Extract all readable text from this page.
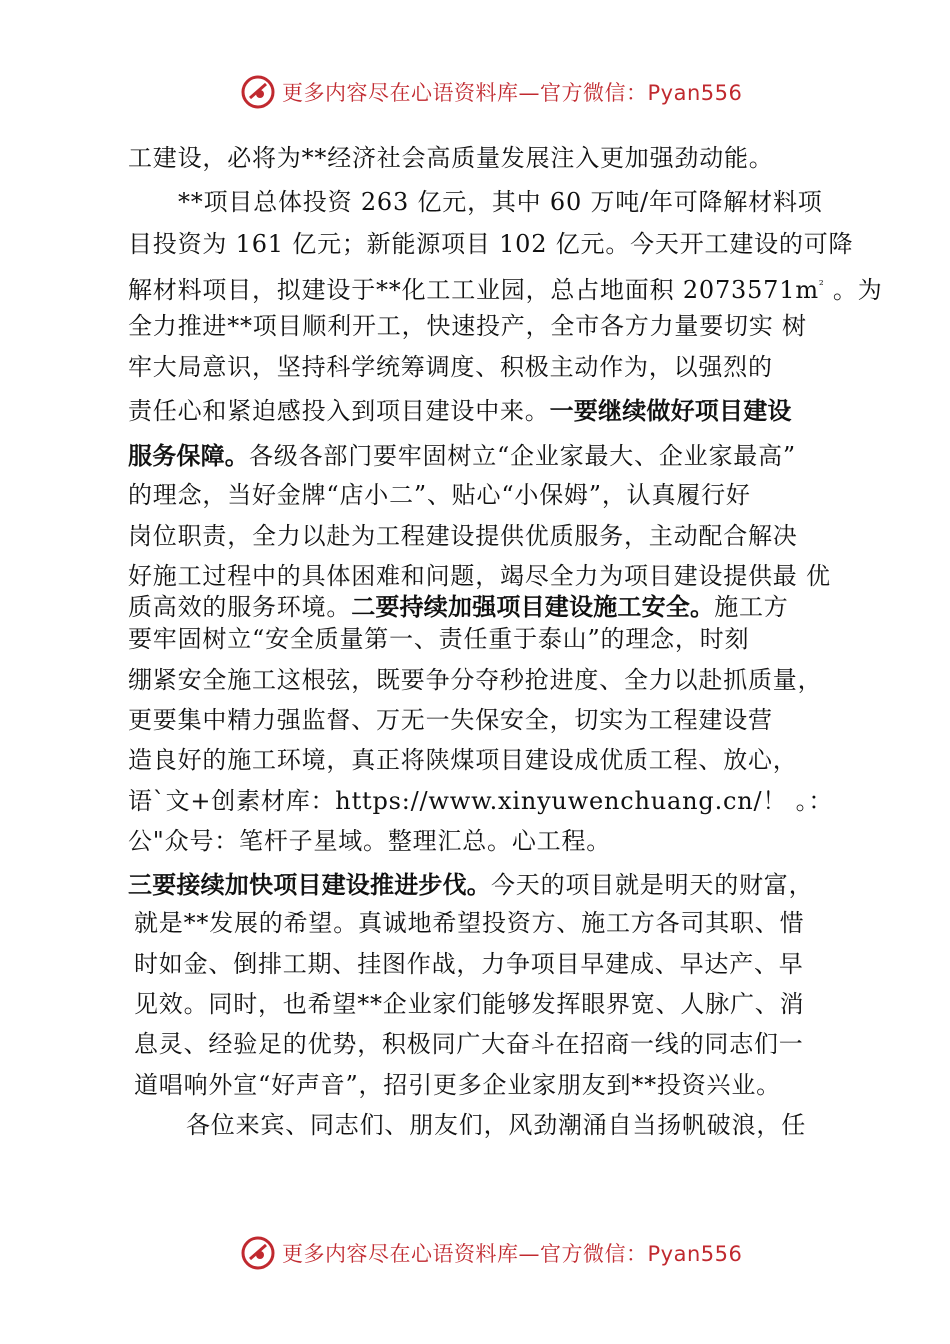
更多内容尽在心语资料库—官方微信：Pyan556
工建设，必将为**经济社会高质量发展注入更加强劲动能。
**项目总体投资 263 亿元，其中 60 万吨/年可降解材料项
目投资为 161 亿元；新能源项目 102 亿元。今天开工建设的可降
解材料项目，拟建设于**化工工业园，总占地面积 $2073571m^{^2}$ 。为
全力推进**项目顺利开工，快速投产，全市各方力量要切实 树
牢大局意识，坚持科学统筹调度、积极主动作为，以强烈的
责任心和紧迫感投入到项目建设中来。一要继续做好项目建设
服务保障。各级各部门要牢固树立“企业家最大、企业家最高”
的理念，当好金牌“店小二”、贴心“小保姆”，认真履行好
岗位职责，全力以赴为工程建设提供优质服务，主动配合解决
好施工过程中的具体困难和问题，竭尽全力为项目建设提供最 优
质高效的服务环境。二要持续加强项目建设施工安全。施工方
要牢固树立“安全质量第一、责任重于泰山”的理念，时刻
绷紧安全施工这根弦，既要争分夺秒抢进度、全力以赴抓质量，
更要集中精力强监督、万无一失保安全，切实为工程建设营
造良好的施工环境，真正将陕煤项目建设成优质工程、放心，
语`文+创素材库：https://www.xinyuwenchuang.cn/！ 。：
公"众号：笔杆子星域。整理汇总。心工程。
三要接续加快项目建设推进步伐。今天的项目就是明天的财富，
就是**发展的希望。真诚地希望投资方、施工方各司其职、惜
时如金、倒排工期、挂图作战，力争项目早建成、早达产、早
见效。同时，也希望**企业家们能够发挥眼界宽、人脉广、消
息灵、经验足的优势，积极同广大奋斗在招商一线的同志们一
道唱响外宣“好声音”，招引更多企业家朋友到**投资兴业。
各位来宾、同志们、朋友们，风劲潮涌自当扬帆破浪，任
更多内容尽在心语资料库—官方微信：Pyan556
